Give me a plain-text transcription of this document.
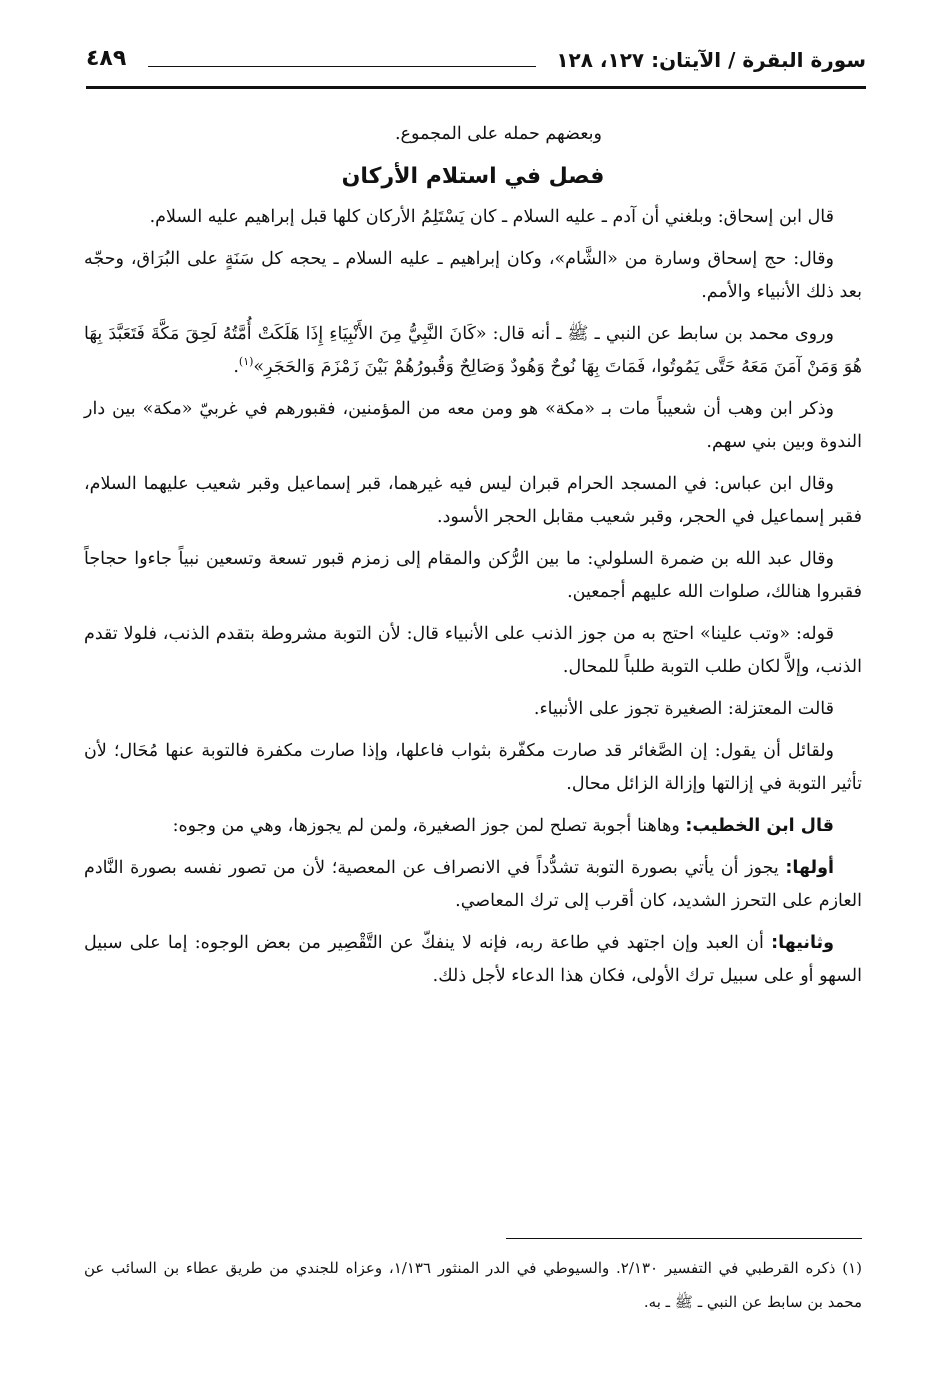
سورة البقرة / الآيتان: ١٢٧، ١٢٨
٤٨٩

وبعضهم حمله على المجموع.

فصل في استلام الأركان

قال ابن إسحاق: وبلغني أن آدم ـ عليه السلام ـ كان يَسْتَلِمُ الأركان كلها قبل إبراهيم عليه السلام.

وقال: حج إسحاق وسارة من «الشَّام»، وكان إبراهيم ـ عليه السلام ـ يحجه كل سَنَةٍ على البُرَاق، وحجّه بعد ذلك الأنبياء والأمم.

وروى محمد بن سابط عن النبي ـ ﷺ ـ أنه قال: «كَانَ النَّبِيُّ مِنَ الأَنْبِيَاءِ إِذَا هَلَكَتْ أُمَّتُهُ لَحِقَ مَكَّةَ فَتَعَبَّدَ بِهَا هُوَ وَمَنْ آمَنَ مَعَهُ حَتَّى يَمُوتُوا، فَمَاتَ بِهَا نُوحٌ وَهُودٌ وَصَالِحٌ وَقُبورُهُمْ بَيْنَ زَمْزَمَ وَالحَجَرِ»$^{(١)}$.

وذكر ابن وهب أن شعيباً مات بـ «مكة» هو ومن معه من المؤمنين، فقبورهم في غربيّ «مكة» بين دار الندوة وبين بني سهم.

وقال ابن عباس: في المسجد الحرام قبران ليس فيه غيرهما، قبر إسماعيل وقبر شعيب عليهما السلام، فقبر إسماعيل في الحجر، وقبر شعيب مقابل الحجر الأسود.

وقال عبد الله بن ضمرة السلولي: ما بين الرُّكن والمقام إلى زمزم قبور تسعة وتسعين نبياً جاءوا حجاجاً فقبروا هنالك، صلوات الله عليهم أجمعين.

قوله: «وتب علينا» احتج به من جوز الذنب على الأنبياء قال: لأن التوبة مشروطة بتقدم الذنب، فلولا تقدم الذنب، وإلاَّ لكان طلب التوبة طلباً للمحال.

قالت المعتزلة: الصغيرة تجوز على الأنبياء.

ولقائل أن يقول: إن الصَّغائر قد صارت مكفّرة بثواب فاعلها، وإذا صارت مكفرة فالتوبة عنها مُحَال؛ لأن تأثير التوبة في إزالتها وإزالة الزائل محال.

قال ابن الخطيب: وهاهنا أجوبة تصلح لمن جوز الصغيرة، ولمن لم يجوزها، وهي من وجوه:

أولها: يجوز أن يأتي بصورة التوبة تشدُّداً في الانصراف عن المعصية؛ لأن من تصور نفسه بصورة النَّادم العازم على التحرز الشديد، كان أقرب إلى ترك المعاصي.

وثانيها: أن العبد وإن اجتهد في طاعة ربه، فإنه لا ينفكّ عن التَّقْصِير من بعض الوجوه: إما على سبيل السهو أو على سبيل ترك الأولى، فكان هذا الدعاء لأجل ذلك.

(١) ذكره القرطبي في التفسير ٢/١٣٠. والسيوطي في الدر المنثور ١/١٣٦، وعزاه للجندي من طريق عطاء بن السائب عن محمد بن سابط عن النبي ـ ﷺ ـ به.
